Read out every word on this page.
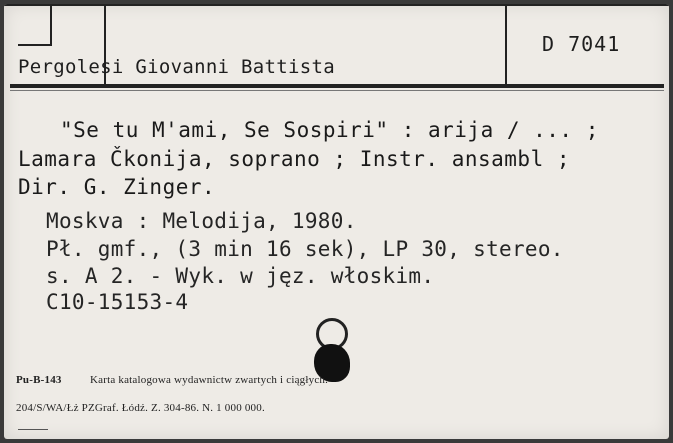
Pergolesi Giovanni Battista
D 7041
"Se tu M'ami, Se Sospiri" : arija / ... ;
Lamara Čkonija, soprano ; Instr. ansambl ;
Dir. G. Zinger.
Moskva : Melodija, 1980.
Pł. gmf., (3 min 16 sek), LP 30, stereo.
s. A 2. - Wyk. w jęz. włoskim.
C10-15153-4
Pu-B-143	Karta katalogowa wydawnictw zwartych i ciągłych.
204/S/WA/Łż PZGraf. Łódź. Z. 304-86. N. 1 000 000.
